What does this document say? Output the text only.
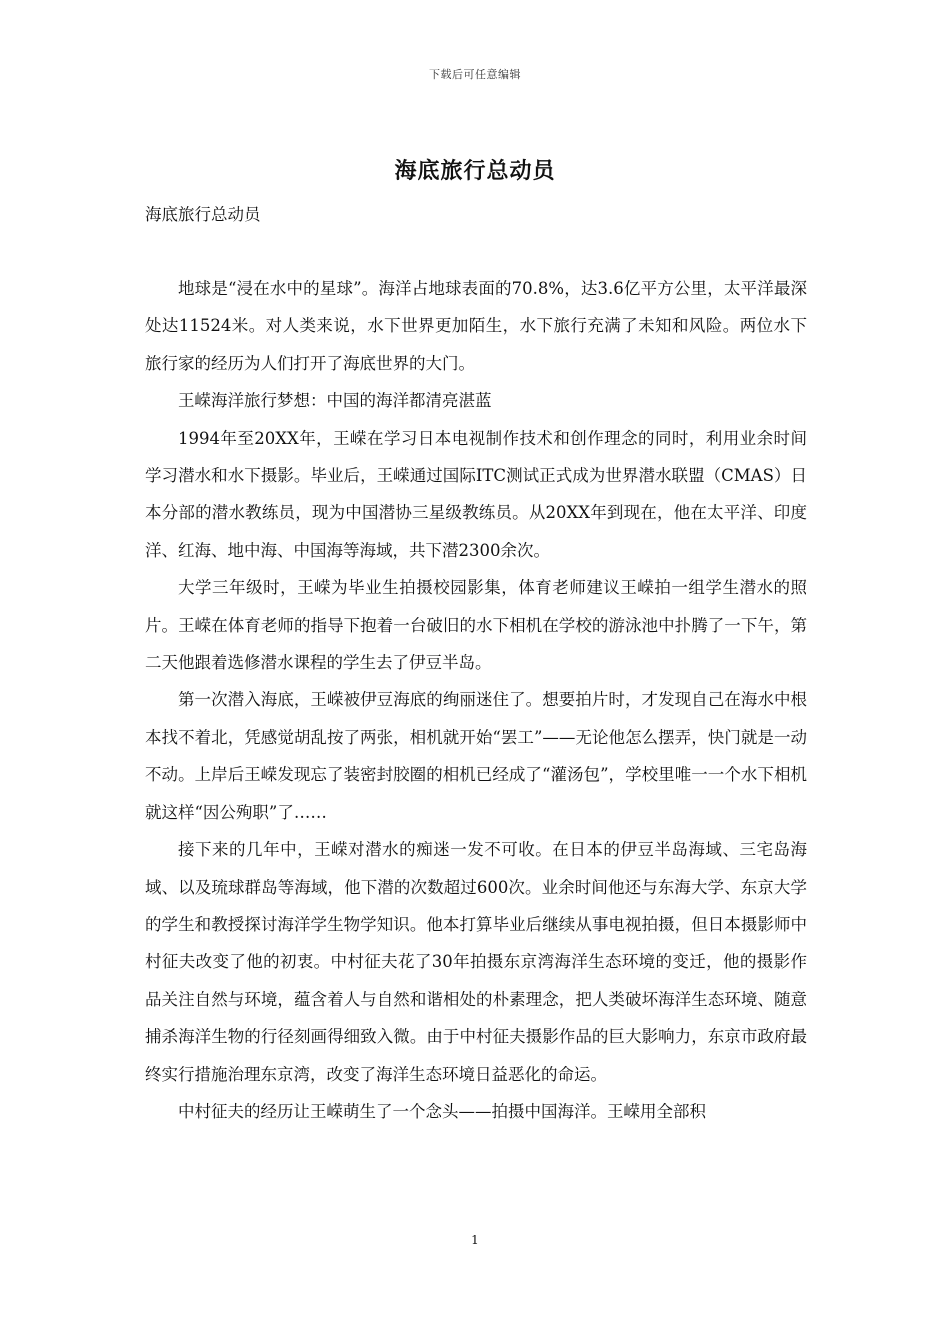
下载后可任意编辑
海底旅行总动员

海底旅行总动员

地球是“浸在水中的星球”。海洋占地球表面的70.8%，达3.6亿平方公里，太平洋最深处达11524米。对人类来说，水下世界更加陌生，水下旅行充满了未知和风险。两位水下旅行家的经历为人们打开了海底世界的大门。

王嵘海洋旅行梦想：中国的海洋都清亮湛蓝

1994年至20XX年，王嵘在学习日本电视制作技术和创作理念的同时，利用业余时间学习潜水和水下摄影。毕业后，王嵘通过国际ITC测试正式成为世界潜水联盟（CMAS）日本分部的潜水教练员，现为中国潜协三星级教练员。从20XX年到现在，他在太平洋、印度洋、红海、地中海、中国海等海域，共下潜2300余次。

大学三年级时，王嵘为毕业生拍摄校园影集，体育老师建议王嵘拍一组学生潜水的照片。王嵘在体育老师的指导下抱着一台破旧的水下相机在学校的游泳池中扑腾了一下午，第二天他跟着选修潜水课程的学生去了伊豆半岛。

第一次潜入海底，王嵘被伊豆海底的绚丽迷住了。想要拍片时，才发现自己在海水中根本找不着北，凭感觉胡乱按了两张，相机就开始“罢工”——无论他怎么摆弄，快门就是一动不动。上岸后王嵘发现忘了装密封胶圈的相机已经成了“灌汤包”，学校里唯一一个水下相机就这样“因公殉职”了……

接下来的几年中，王嵘对潜水的痴迷一发不可收。在日本的伊豆半岛海域、三宅岛海域、以及琉球群岛等海域，他下潜的次数超过600次。业余时间他还与东海大学、东京大学的学生和教授探讨海洋学生物学知识。他本打算毕业后继续从事电视拍摄，但日本摄影师中村征夫改变了他的初衷。中村征夫花了30年拍摄东京湾海洋生态环境的变迁，他的摄影作品关注自然与环境，蕴含着人与自然和谐相处的朴素理念，把人类破坏海洋生态环境、随意捕杀海洋生物的行径刻画得细致入微。由于中村征夫摄影作品的巨大影响力，东京市政府最终实行措施治理东京湾，改变了海洋生态环境日益恶化的命运。

中村征夫的经历让王嵘萌生了一个念头——拍摄中国海洋。王嵘用全部积

1
